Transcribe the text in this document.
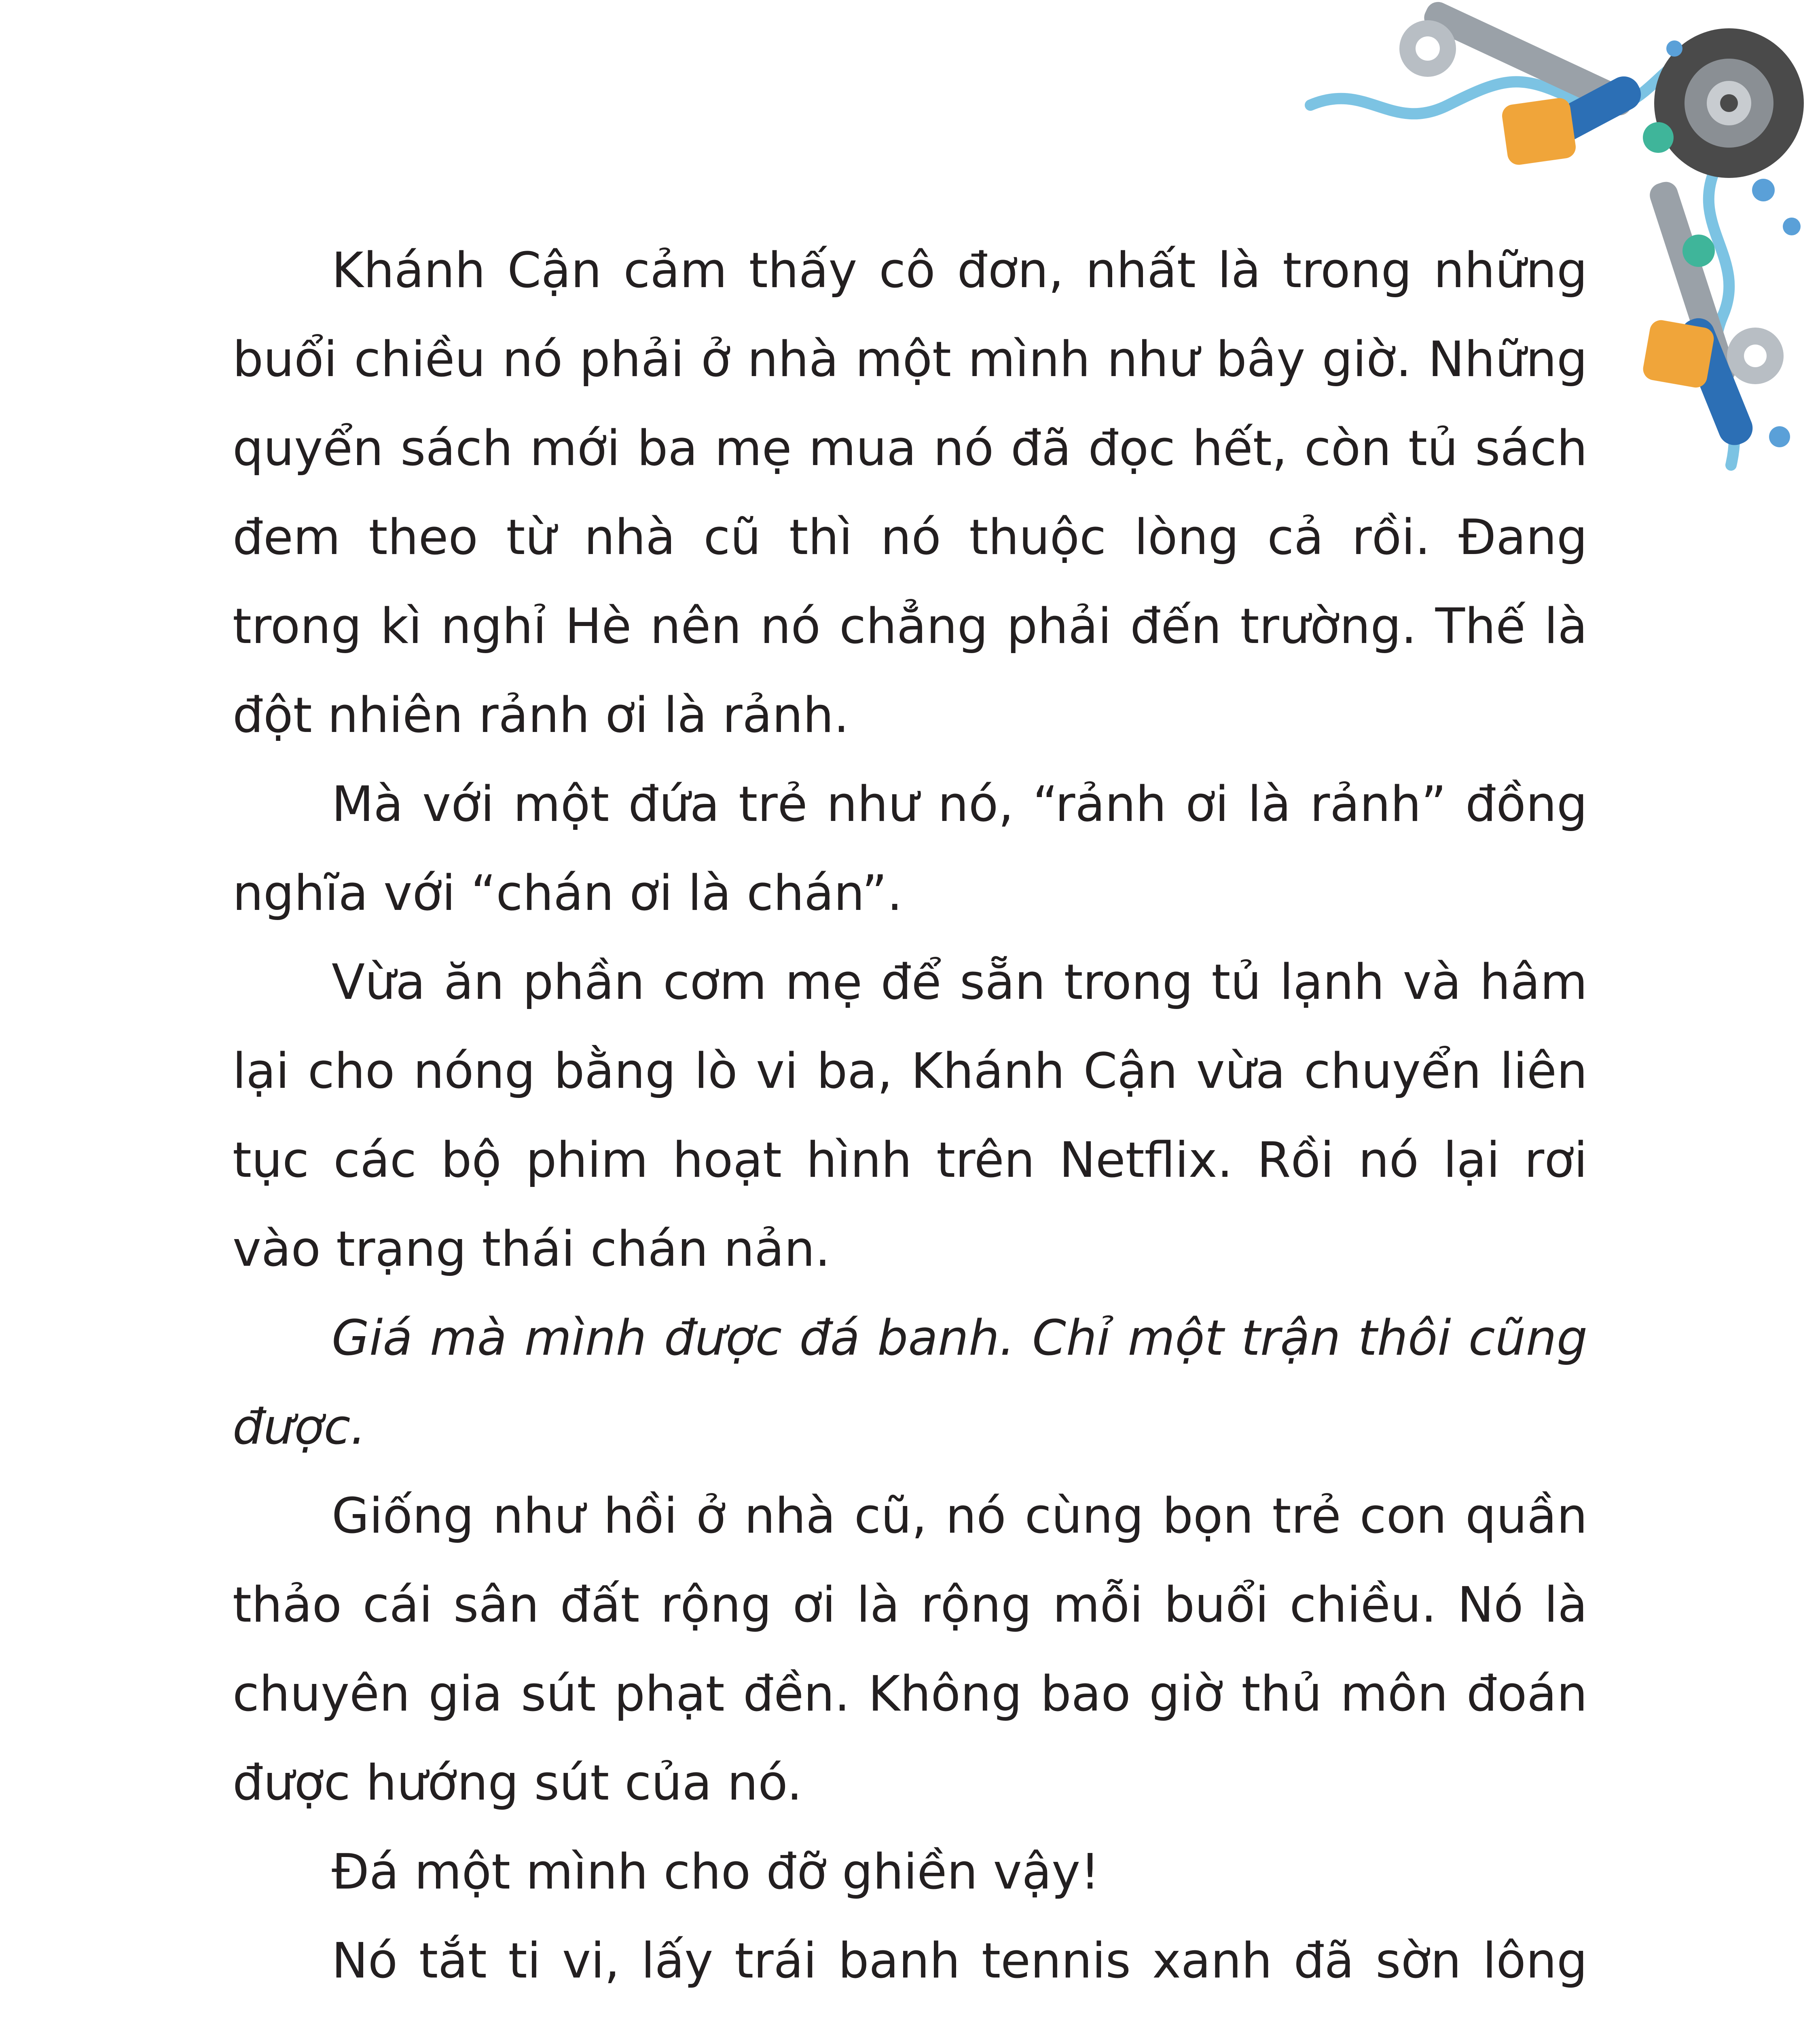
Khánh Cận cảm thấy cô đơn, nhất là trong những buổi chiều nó phải ở nhà một mình như bây giờ. Những quyển sách mới ba mẹ mua nó đã đọc hết, còn tủ sách đem theo từ nhà cũ thì nó thuộc lòng cả rồi. Đang trong kì nghỉ Hè nên nó chẳng phải đến trường. Thế là đột nhiên rảnh ơi là rảnh.

Mà với một đứa trẻ như nó, “rảnh ơi là rảnh” đồng nghĩa với “chán ơi là chán”.

Vừa ăn phần cơm mẹ để sẵn trong tủ lạnh và hâm lại cho nóng bằng lò vi ba, Khánh Cận vừa chuyển liên tục các bộ phim hoạt hình trên Netflix. Rồi nó lại rơi vào trạng thái chán nản.

Giá mà mình được đá banh. Chỉ một trận thôi cũng được.

Giống như hồi ở nhà cũ, nó cùng bọn trẻ con quần thảo cái sân đất rộng ơi là rộng mỗi buổi chiều. Nó là chuyên gia sút phạt đền. Không bao giờ thủ môn đoán được hướng sút của nó.

Đá một mình cho đỡ ghiền vậy!

Nó tắt ti vi, lấy trái banh tennis xanh đã sờn lông
